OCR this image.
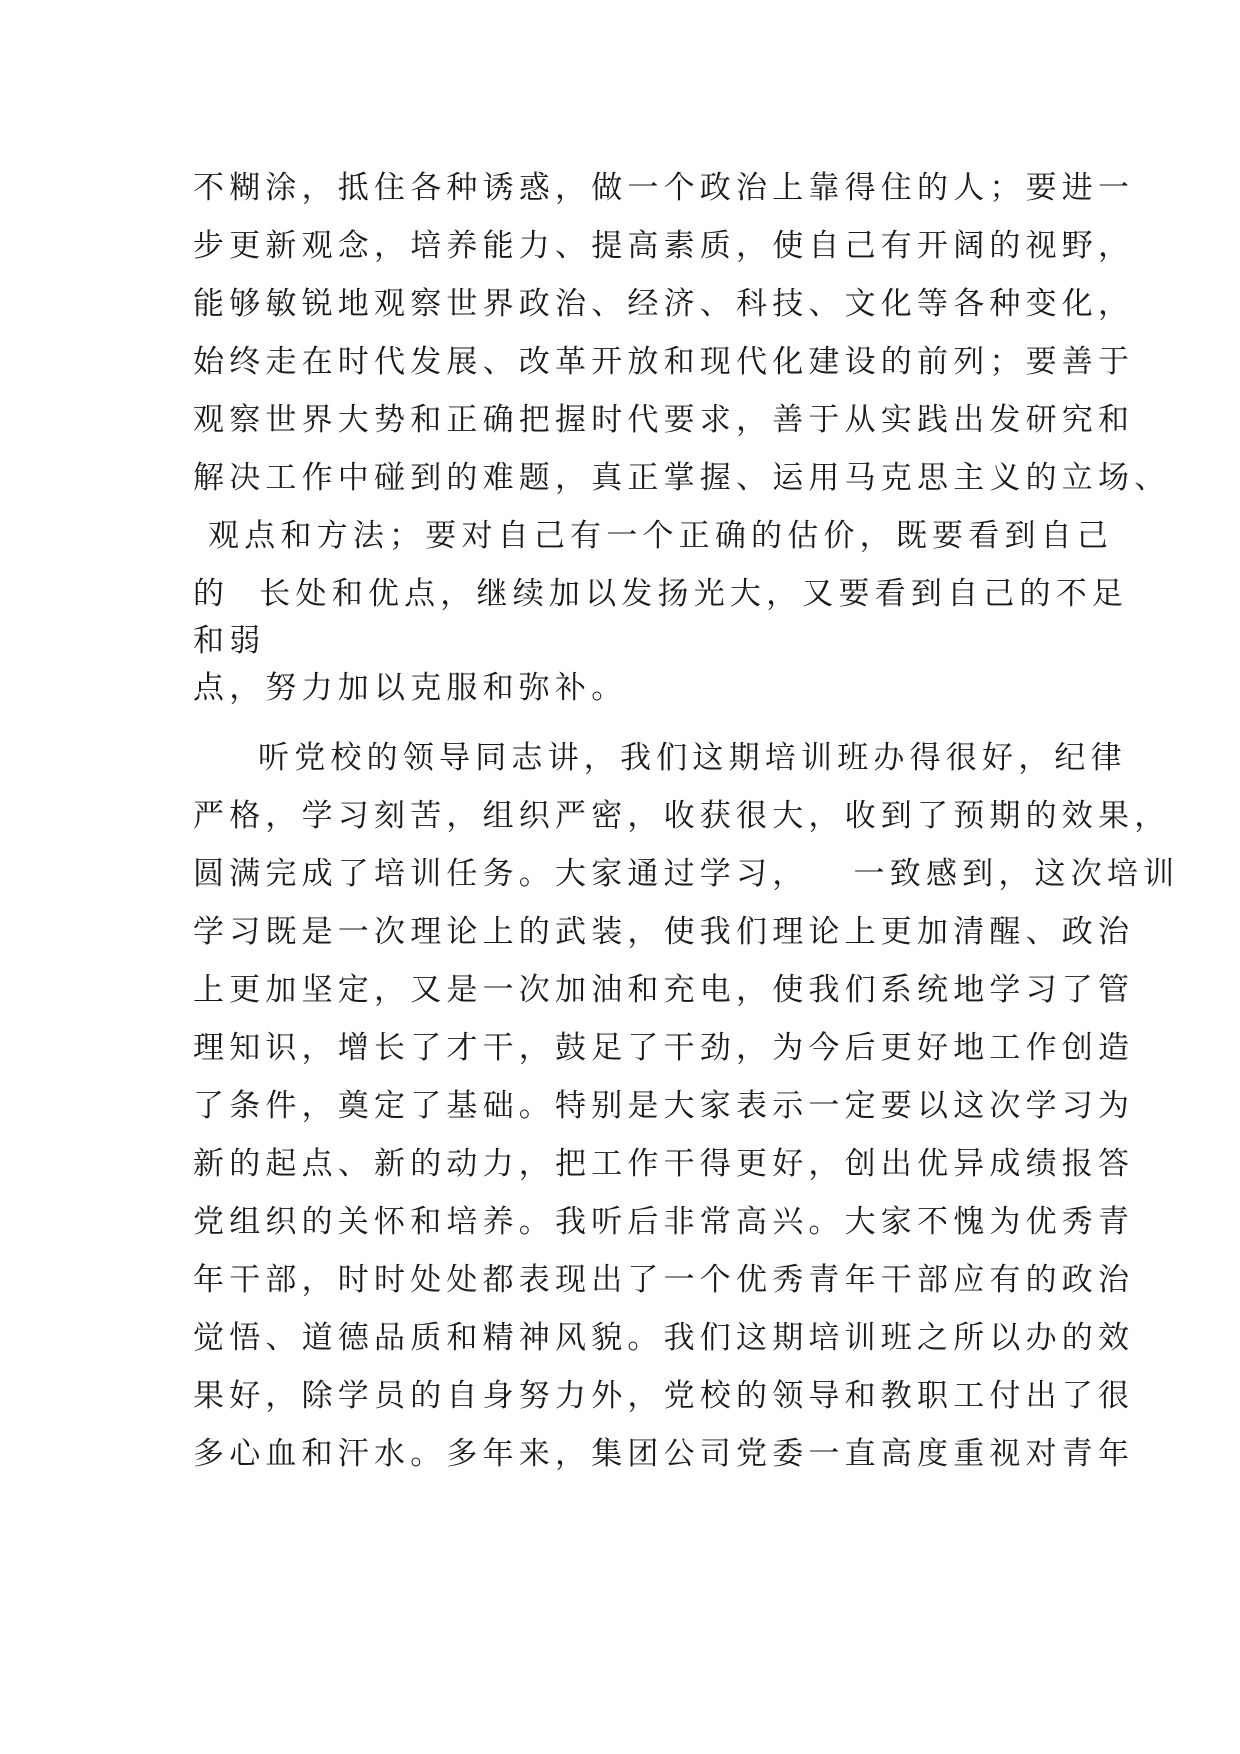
不糊涂，抵住各种诱惑，做一个政治上靠得住的人；要进一
步更新观念，培养能力、提高素质，使自己有开阔的视野，
能够敏锐地观察世界政治、经济、科技、文化等各种变化，
始终走在时代发展、改革开放和现代化建设的前列；要善于
观察世界大势和正确把握时代要求，善于从实践出发研究和
解决工作中碰到的难题，真正掌握、运用马克思主义的立场、
观点和方法；要对自己有一个正确的估价，既要看到自己
的  长处和优点，继续加以发扬光大，又要看到自己的不足
和弱
点，努力加以克服和弥补。
听党校的领导同志讲，我们这期培训班办得很好，纪律
严格，学习刻苦，组织严密，收获很大，收到了预期的效果，
圆满完成了培训任务。大家通过学习，   一致感到，这次培训
学习既是一次理论上的武装，使我们理论上更加清醒、政治
上更加坚定，又是一次加油和充电，使我们系统地学习了管
理知识，增长了才干，鼓足了干劲，为今后更好地工作创造
了条件，奠定了基础。特别是大家表示一定要以这次学习为
新的起点、新的动力，把工作干得更好，创出优异成绩报答
党组织的关怀和培养。我听后非常高兴。大家不愧为优秀青
年干部，时时处处都表现出了一个优秀青年干部应有的政治
觉悟、道德品质和精神风貌。我们这期培训班之所以办的效
果好，除学员的自身努力外，党校的领导和教职工付出了很
多心血和汗水。多年来，集团公司党委一直高度重视对青年
